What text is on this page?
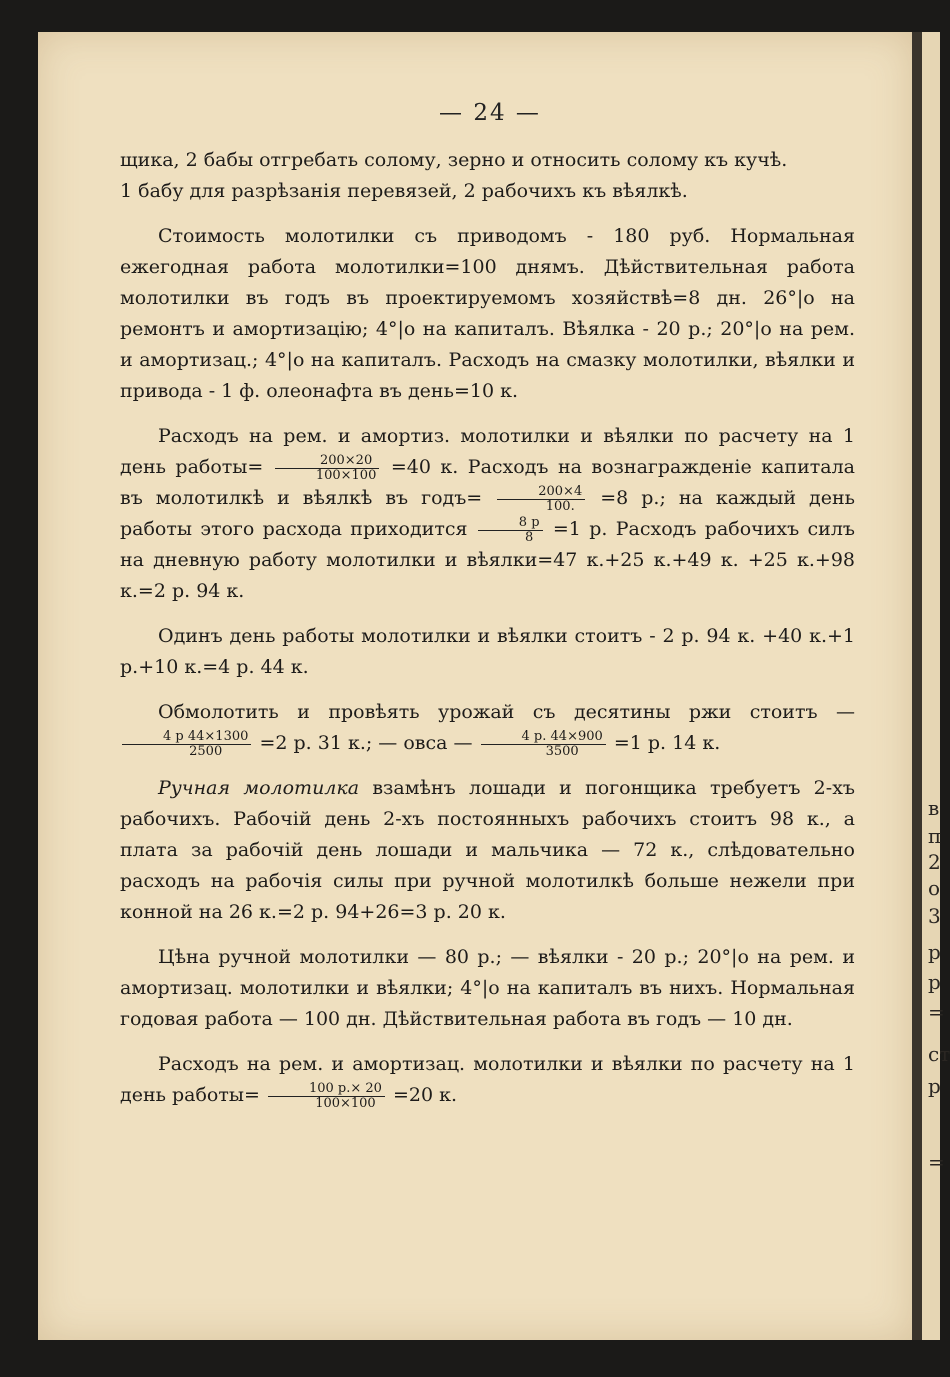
в
п
2
о
3
р
р
=
ст
р
=
— 24 —

щика, 2 бабы отгребать солому, зерно и относить солому къ кучѣ.
1 бабу для разрѣзанія перевязей, 2 рабочихъ къ вѣялкѣ.

Стоимость молотилки съ приводомъ - 180 руб. Нормальная ежегодная работа молотилки=100 днямъ. Дѣйствительная работа молотилки въ годъ въ проектируемомъ хозяйствѣ=8 дн. 26°|о на ремонтъ и амортизацію; 4°|о на капиталъ. Вѣялка - 20 р.; 20°|о на рем. и амортизац.; 4°|о на капиталъ. Расходъ на смазку молотилки, вѣялки и привода - 1 ф. олеонафта въ день=10 к.

Расходъ на рем. и амортиз. молотилки и вѣялки по расчету на 1 день работы= $\frac{200\times 20}{100\times 100} =40$ к. Расходъ на вознагражденіе капитала въ молотилкѣ и вѣялкѣ въ годъ= $\frac{200\times 4}{100.} =8$ р.; на каждый день работы этого расхода приходится $\frac{8 р}{8} =1$ р. Расходъ рабочихъ силъ на дневную работу молотилки и вѣялки=47 к.+25 к.+49 к. +25 к.+98 к.=2 р. 94 к.

Одинъ день работы молотилки и вѣялки стоитъ - 2 р. 94 к. +40 к.+1 р.+10 к.=4 р. 44 к.

Обмолотить и провѣять урожай съ десятины ржи стоитъ —
$\frac{4 р 44\times 1300}{2500} =2$ р. 31 к.; — овса — $\frac{4 р. 44\times 900}{3500} =1$ р. 14 к.

Ручная молотилка взамѣнъ лошади и погонщика требуетъ 2-хъ рабочихъ. Рабочій день 2-хъ постоянныхъ рабочихъ стоитъ 98 к., а плата за рабочій день лошади и мальчика — 72 к., слѣдовательно расходъ на рабочія силы при ручной молотилкѣ больше нежели при конной на 26 к.=2 р. 94+26=3 р. 20 к.

Цѣна ручной молотилки — 80 р.; — вѣялки - 20 р.; 20°|о на рем. и амортизац. молотилки и вѣялки; 4°|о на капиталъ въ нихъ. Нормальная годовая работа — 100 дн. Дѣйствительная работа въ годъ — 10 дн.

Расходъ на рем. и амортизац. молотилки и вѣялки по расчету на 1 день работы= $\frac{100 р.\times 20}{100\times 100} =20$ к.
